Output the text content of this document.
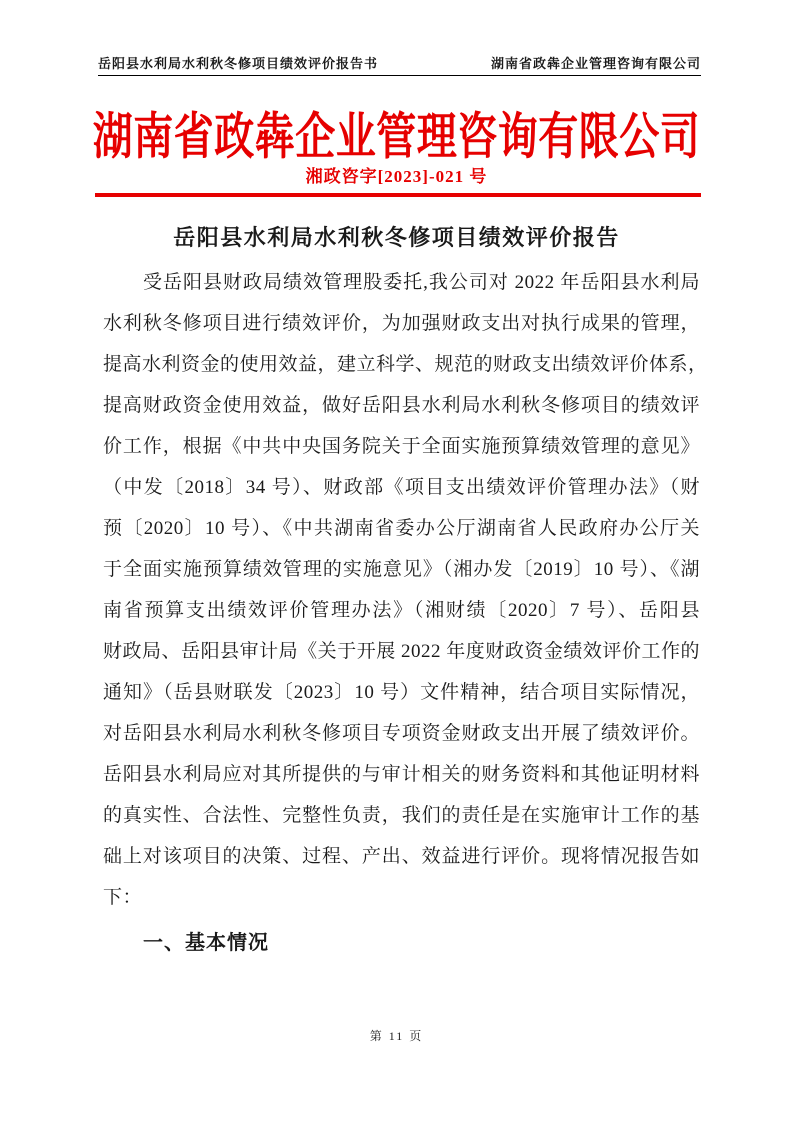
岳阳县水利局水利秋冬修项目绩效评价报告书	湖南省政犇企业管理咨询有限公司
湖南省政犇企业管理咨询有限公司
湘政咨字[2023]-021 号
岳阳县水利局水利秋冬修项目绩效评价报告
受岳阳县财政局绩效管理股委托,我公司对 2022 年岳阳县水利局
水利秋冬修项目进行绩效评价，为加强财政支出对执行成果的管理，
提高水利资金的使用效益，建立科学、规范的财政支出绩效评价体系，
提高财政资金使用效益，做好岳阳县水利局水利秋冬修项目的绩效评
价工作，根据《中共中央国务院关于全面实施预算绩效管理的意见》
（中发〔2018〕34 号）、财政部《项目支出绩效评价管理办法》（财
预〔2020〕10 号）、《中共湖南省委办公厅湖南省人民政府办公厅关
于全面实施预算绩效管理的实施意见》（湘办发〔2019〕10 号）、《湖
南省预算支出绩效评价管理办法》（湘财绩〔2020〕7 号）、岳阳县
财政局、岳阳县审计局《关于开展 2022 年度财政资金绩效评价工作的
通知》（岳县财联发〔2023〕10 号）文件精神，结合项目实际情况，
对岳阳县水利局水利秋冬修项目专项资金财政支出开展了绩效评价。
岳阳县水利局应对其所提供的与审计相关的财务资料和其他证明材料
的真实性、合法性、完整性负责，我们的责任是在实施审计工作的基
础上对该项目的决策、过程、产出、效益进行评价。现将情况报告如
下：
一、基本情况
第 11 页
